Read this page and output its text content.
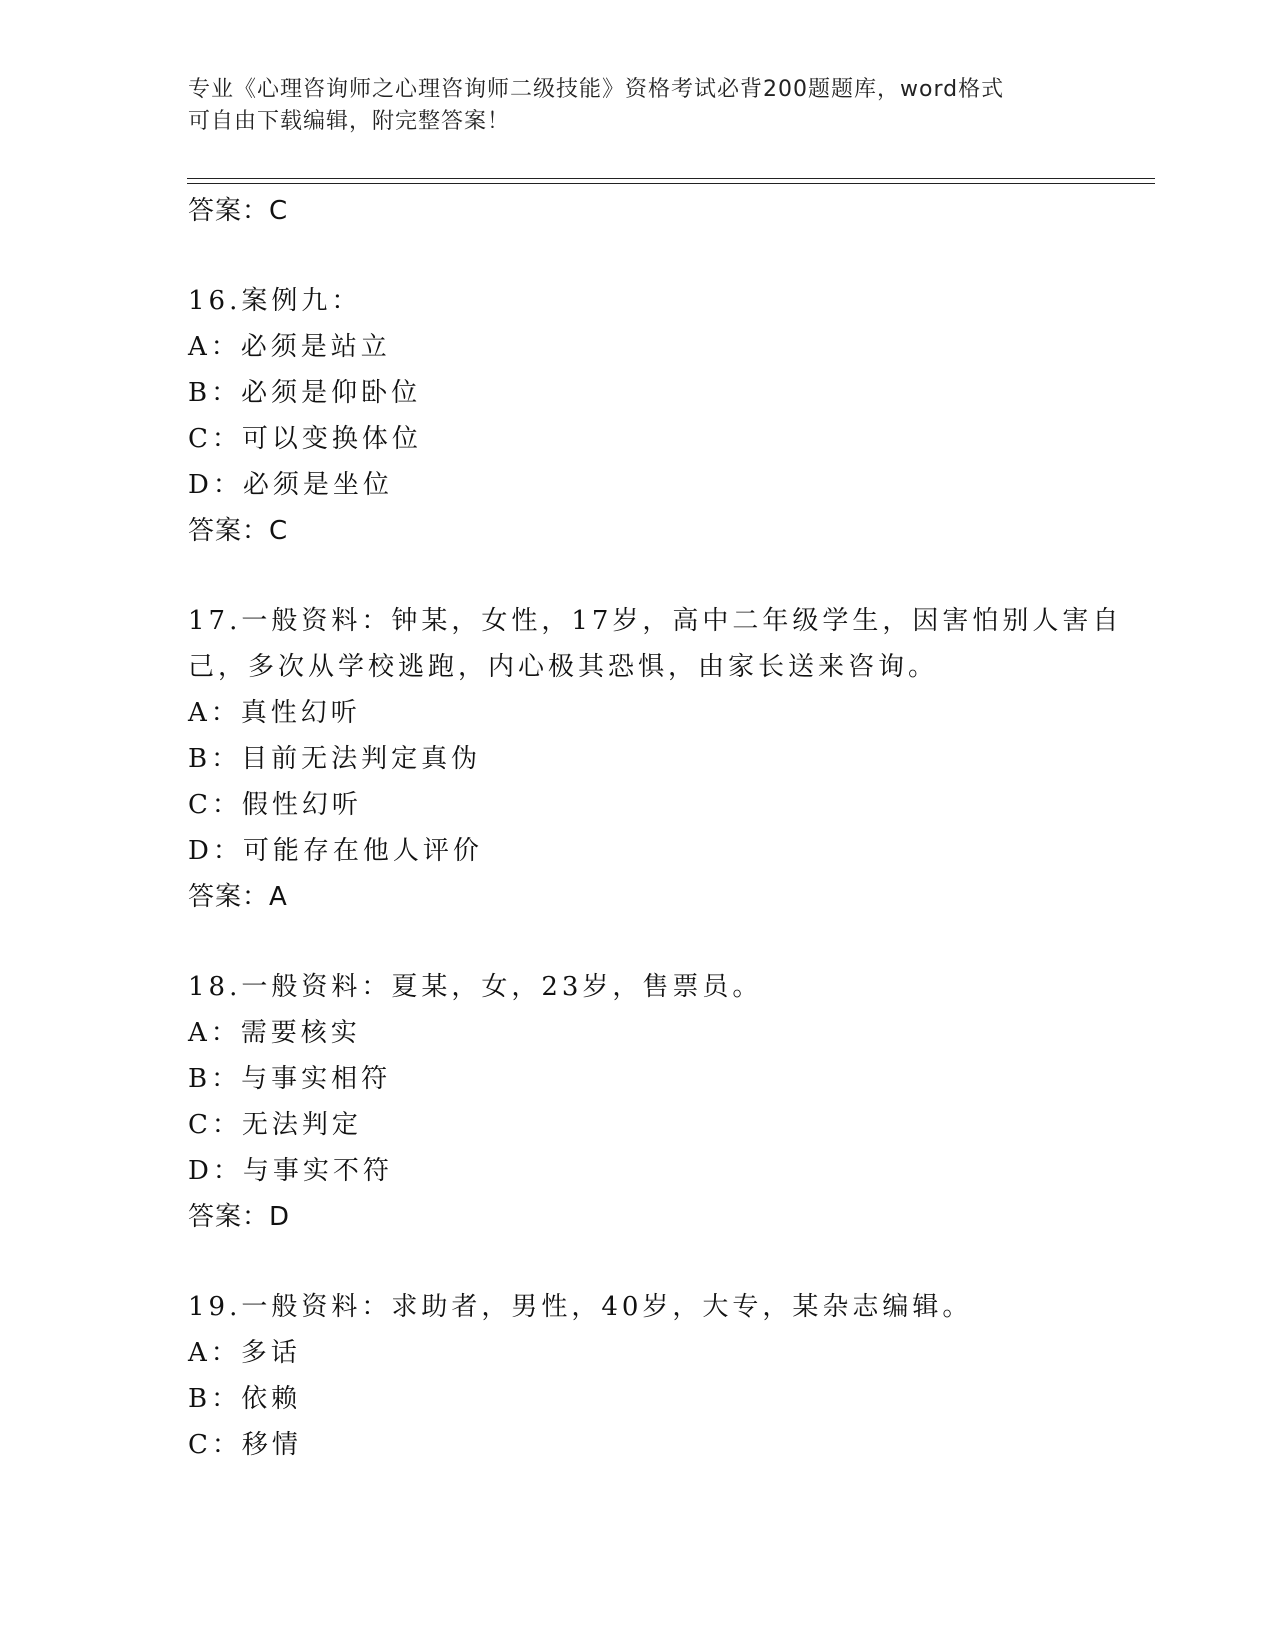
专业《心理咨询师之心理咨询师二级技能》资格考试必背200题题库，word格式
可自由下载编辑，附完整答案！
答案：C
16.案例九：
A：必须是站立
B：必须是仰卧位
C：可以变换体位
D：必须是坐位
答案：C
17.一般资料：钟某，女性，17岁，高中二年级学生，因害怕别人害自
己，多次从学校逃跑，内心极其恐惧，由家长送来咨询。
A：真性幻听
B：目前无法判定真伪
C：假性幻听
D：可能存在他人评价
答案：A
18.一般资料：夏某，女，23岁，售票员。
A：需要核实
B：与事实相符
C：无法判定
D：与事实不符
答案：D
19.一般资料：求助者，男性，40岁，大专，某杂志编辑。
A：多话
B：依赖
C：移情
